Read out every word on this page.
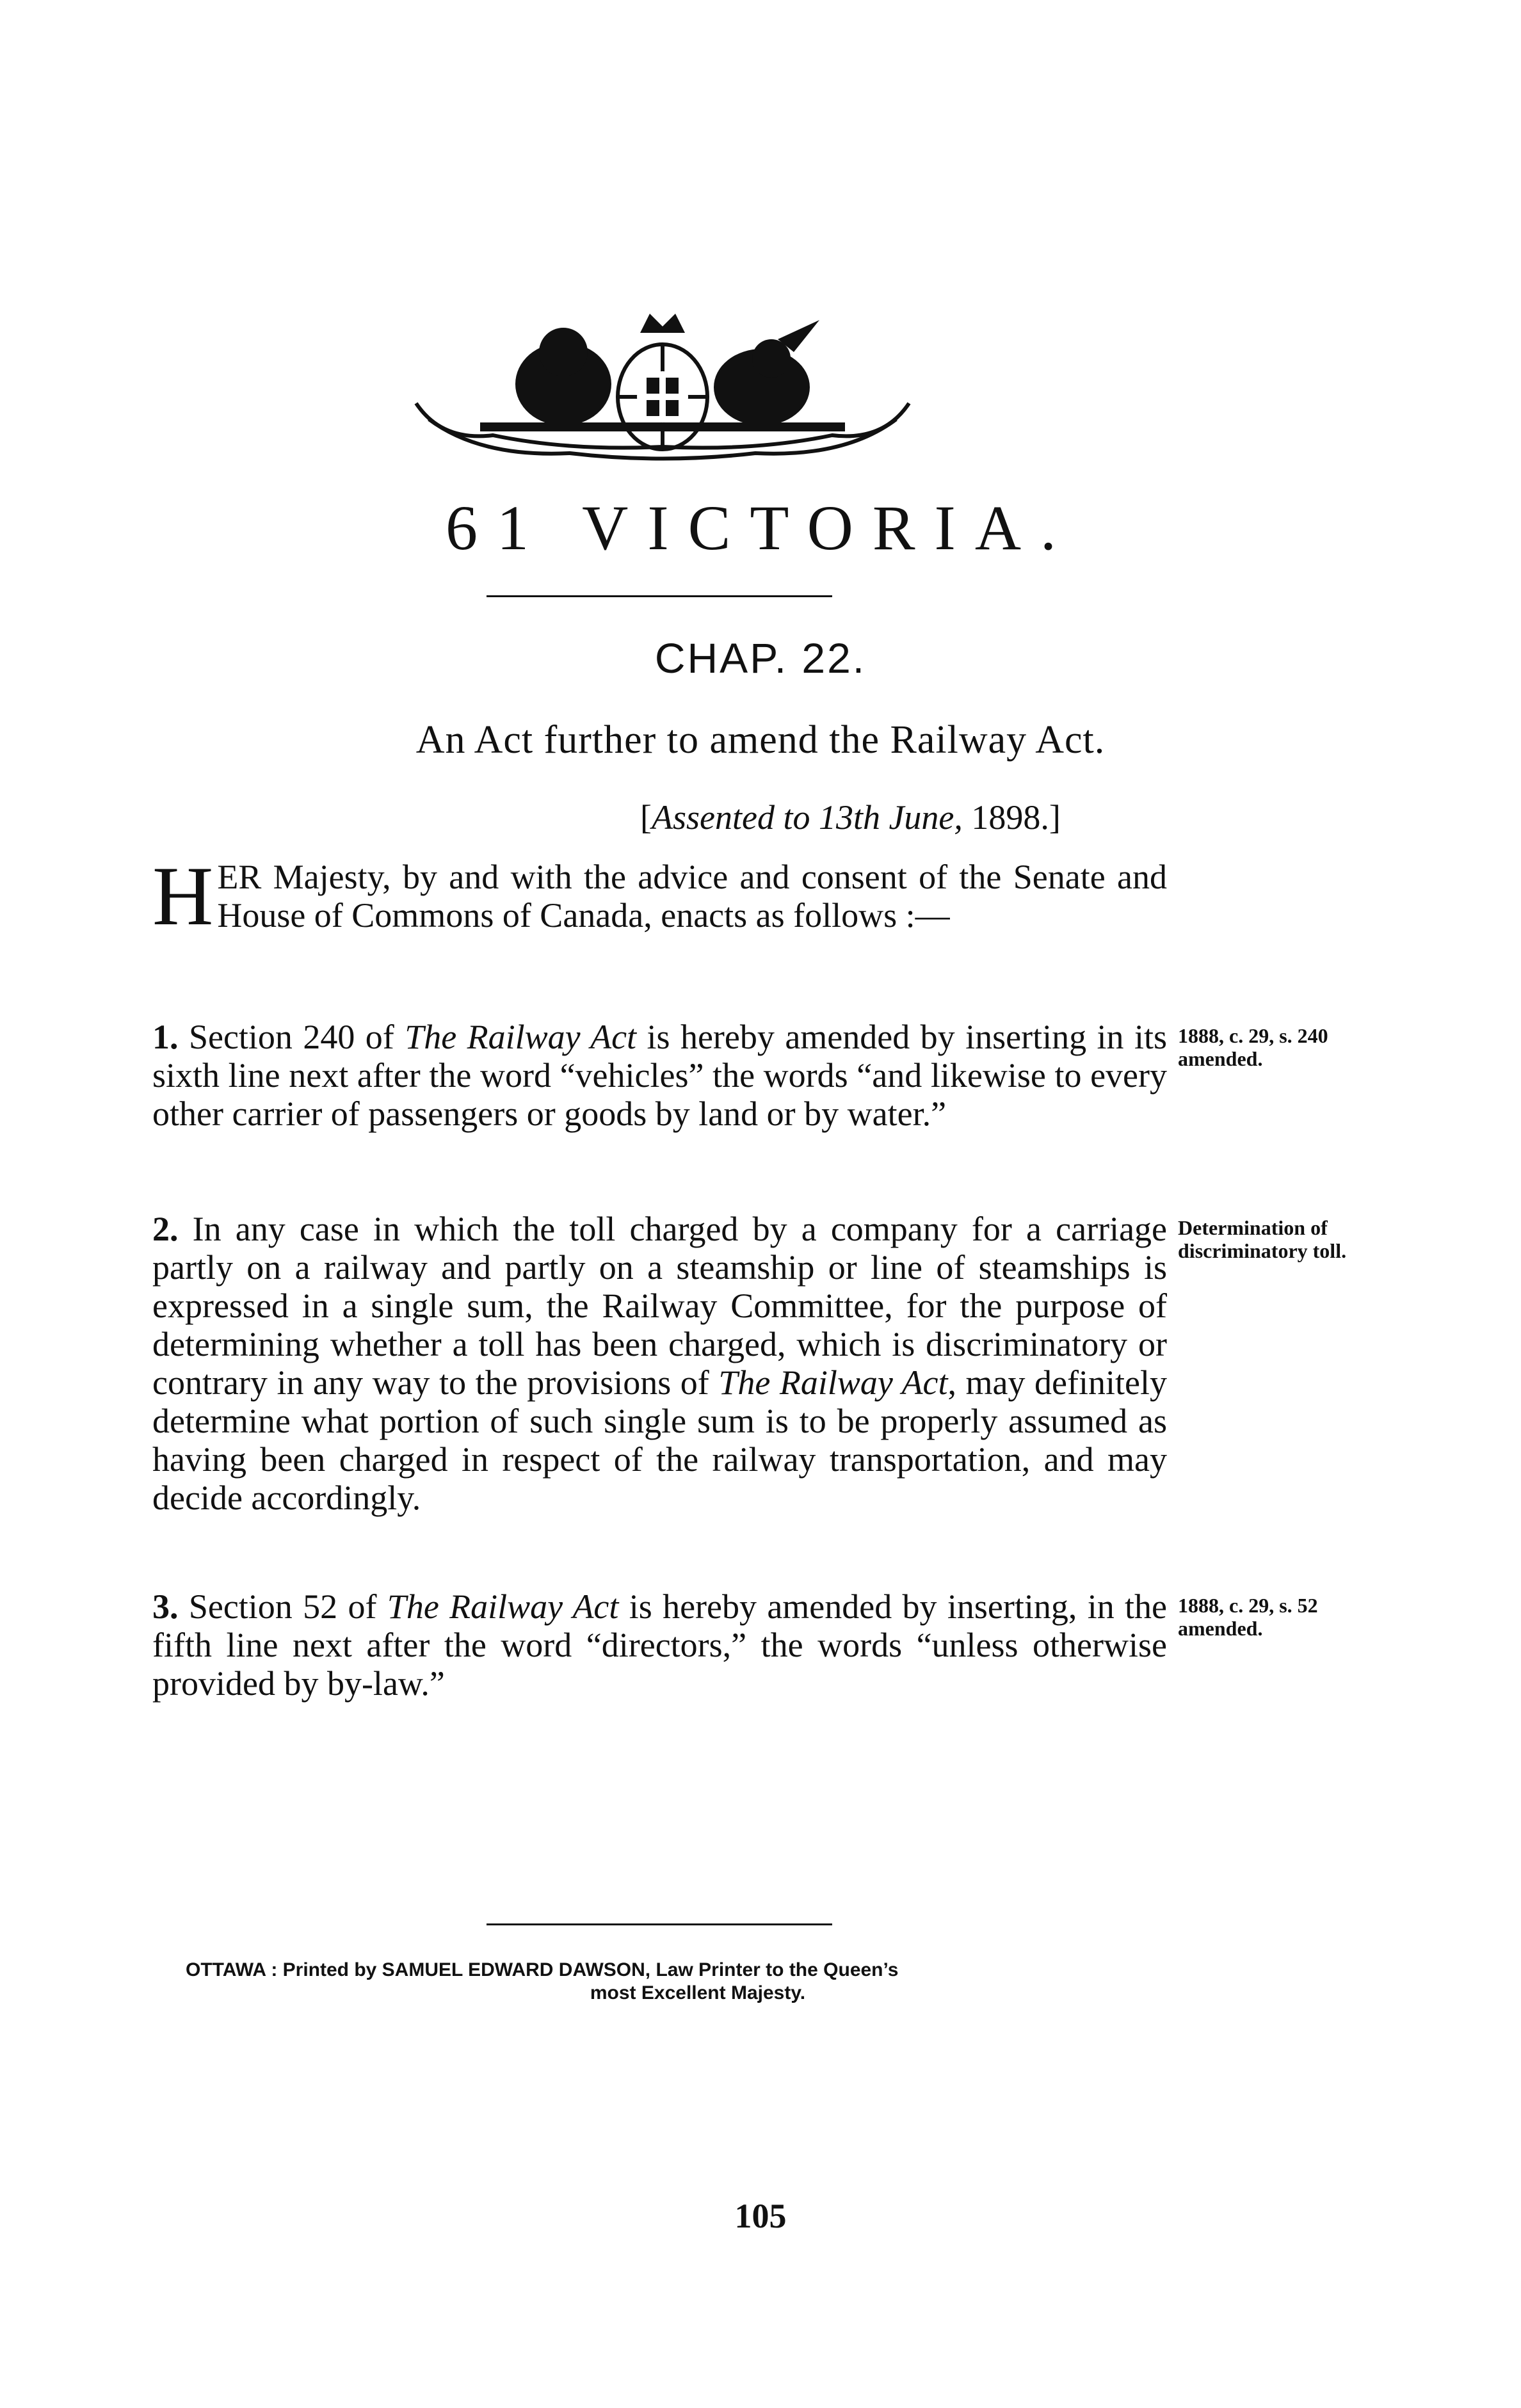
61 VICTORIA.
CHAP. 22.
An Act further to amend the Railway Act.
[Assented to 13th June, 1898.]
HER Majesty, by and with the advice and consent of the Senate and House of Commons of Canada, enacts as follows :—
1. Section 240 of The Railway Act is hereby amended by inserting in its sixth line next after the word “vehicles” the words “and likewise to every other carrier of passengers or goods by land or by water.”
1888, c. 29, s. 240 amended.
2. In any case in which the toll charged by a company for a carriage partly on a railway and partly on a steamship or line of steamships is expressed in a single sum, the Railway Committee, for the purpose of determining whether a toll has been charged, which is discriminatory or contrary in any way to the provisions of The Railway Act, may definitely determine what portion of such single sum is to be properly assumed as having been charged in respect of the railway transportation, and may decide accordingly.
Determination of discriminatory toll.
3. Section 52 of The Railway Act is hereby amended by inserting, in the fifth line next after the word “directors,” the words “unless otherwise provided by by-law.”
1888, c. 29, s. 52 amended.
OTTAWA : Printed by SAMUEL EDWARD DAWSON, Law Printer to the Queen’s
most Excellent Majesty.
105
